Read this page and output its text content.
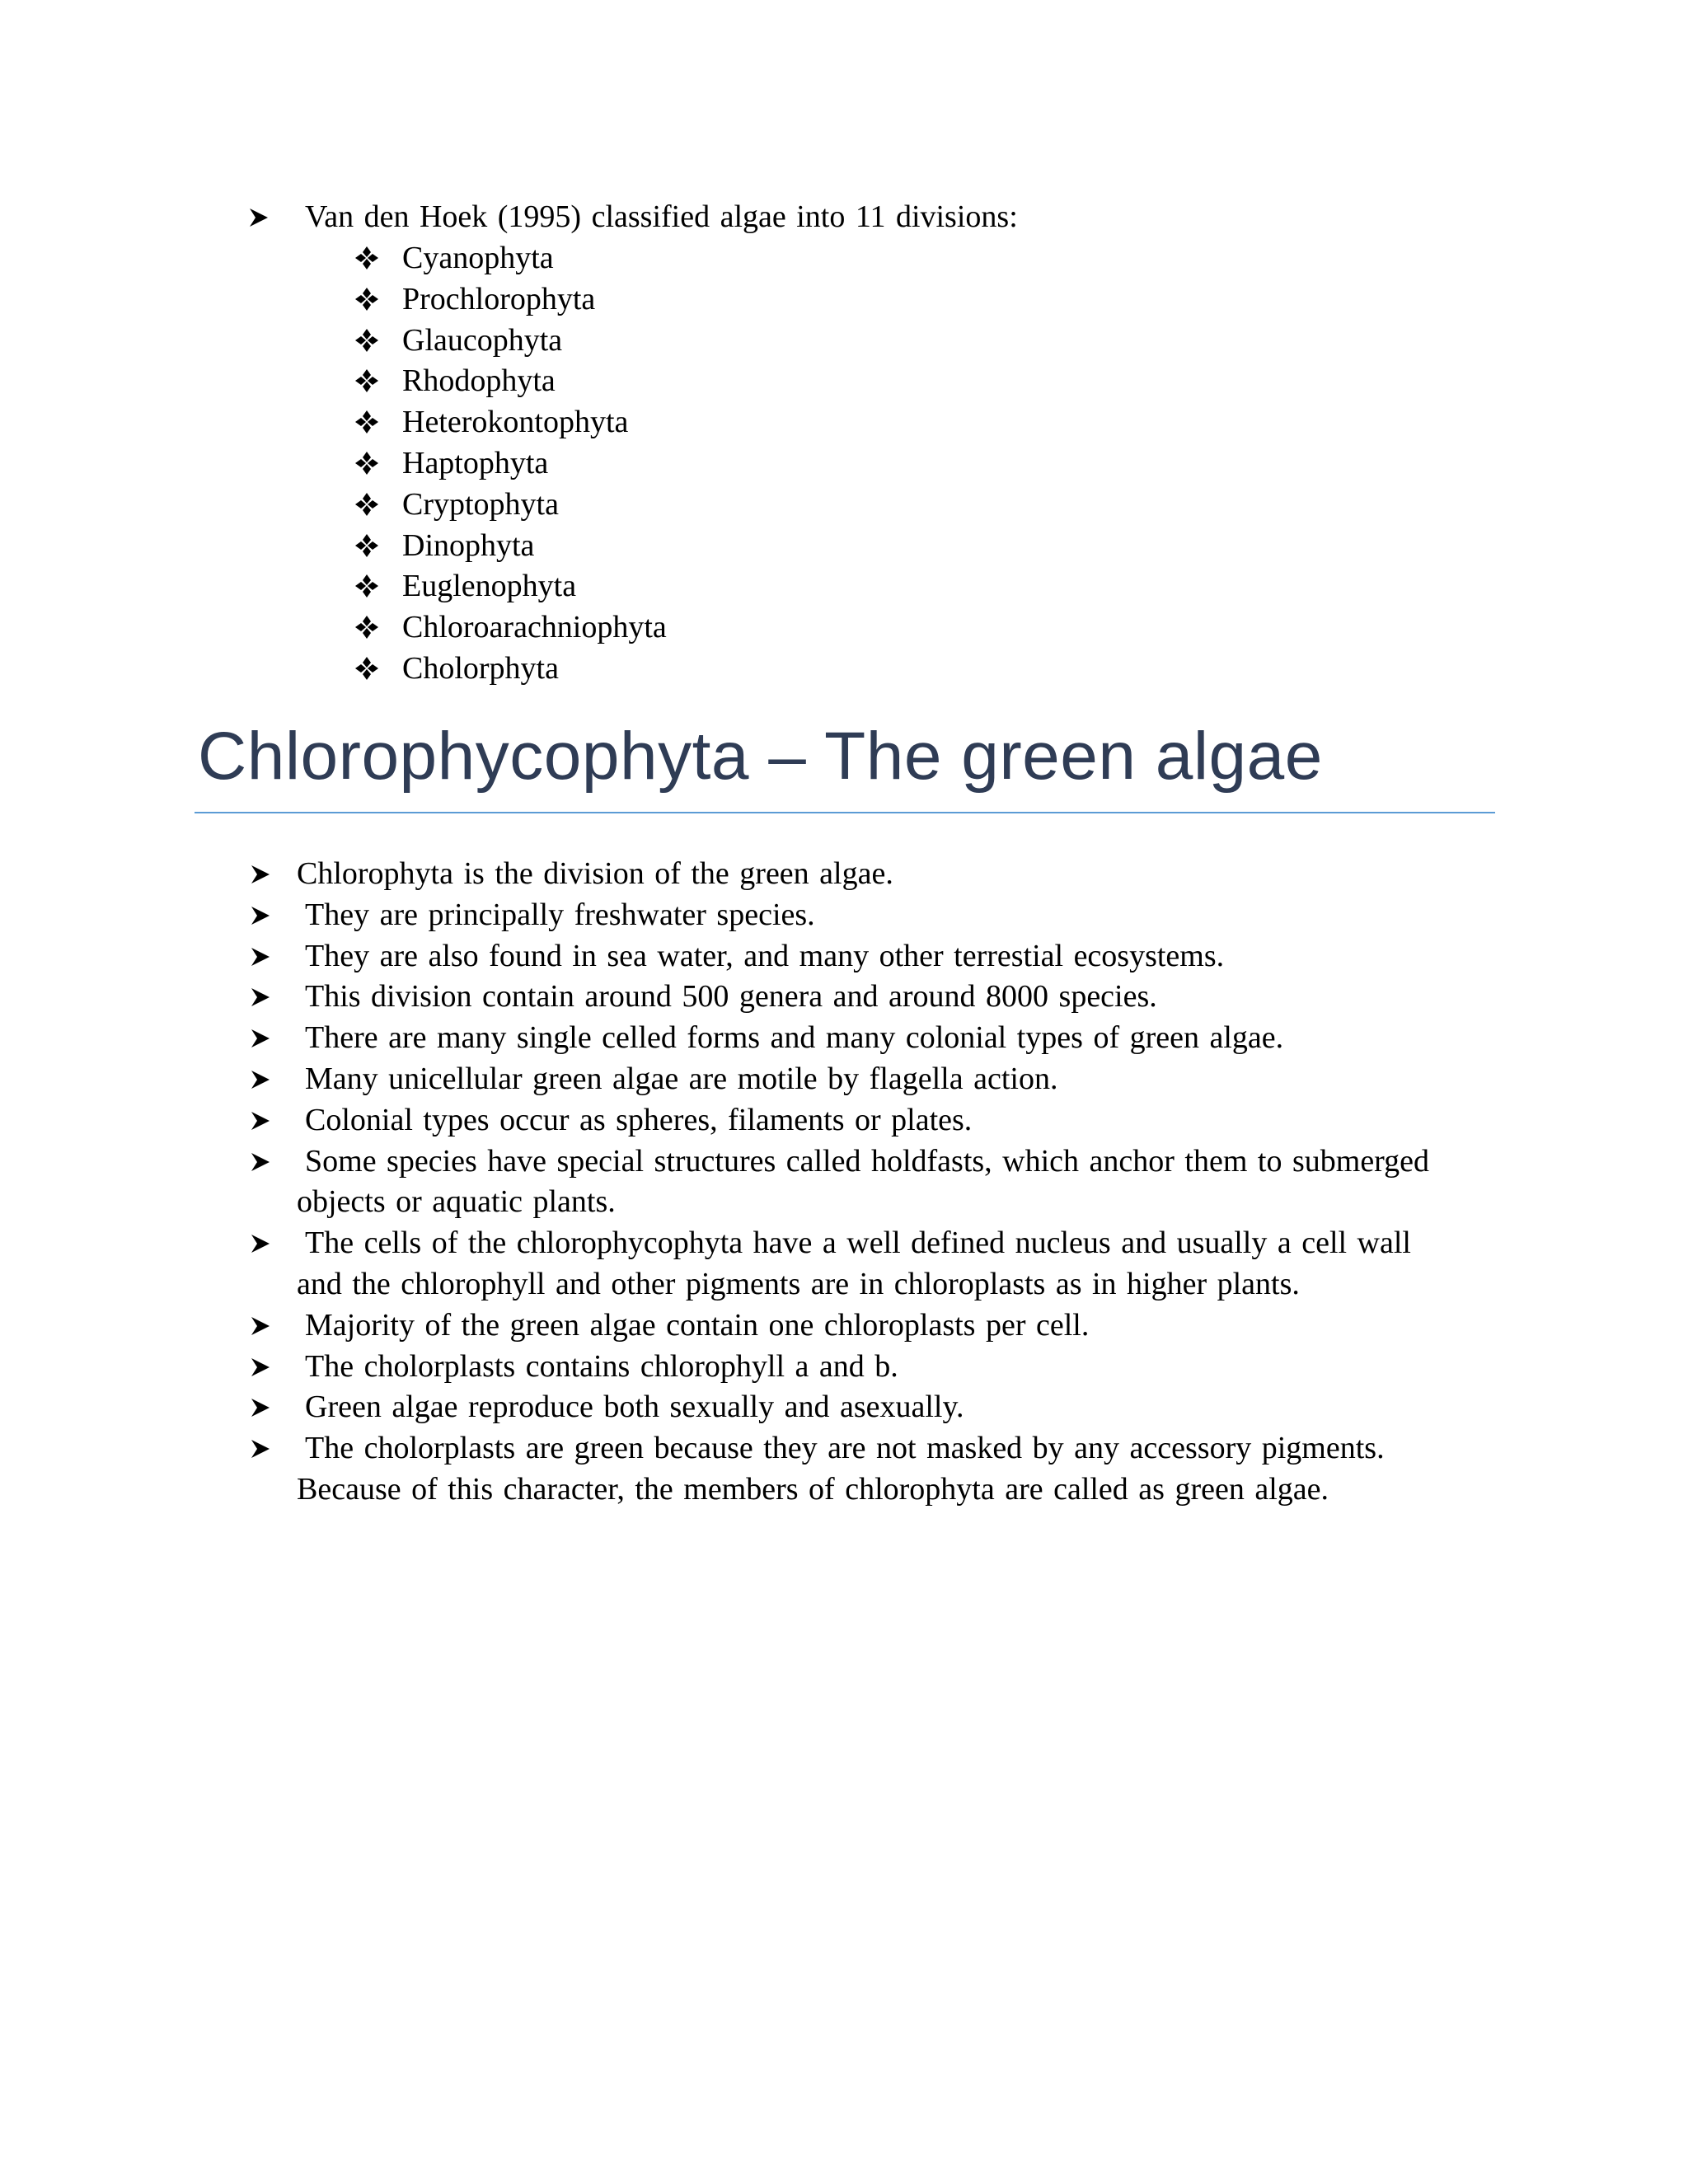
Van den Hoek (1995) classified algae into 11 divisions:
Cyanophyta
Prochlorophyta
Glaucophyta
Rhodophyta
Heterokontophyta
Haptophyta
Cryptophyta
Dinophyta
Euglenophyta
Chloroarachniophyta
Cholorphyta
Chlorophycophyta – The green algae
Chlorophyta is the division of the green algae.
They are principally freshwater species.
They are also found in sea water, and many other terrestial ecosystems.
This division contain around 500 genera and around 8000 species.
There are many single celled forms and many colonial types of green algae.
Many unicellular green algae are motile by flagella action.
Colonial types occur as spheres, filaments or plates.
Some species have special structures called holdfasts, which anchor them to submerged
objects or aquatic plants.
The cells of the chlorophycophyta have a well defined nucleus and usually a cell wall
and the chlorophyll and other pigments are in chloroplasts as in higher plants.
Majority of the green algae contain one chloroplasts per cell.
The cholorplasts contains chlorophyll a and b.
Green algae reproduce both sexually and asexually.
The cholorplasts are green because they are not masked by any accessory pigments.
Because of this character, the members of chlorophyta are called as green algae.
